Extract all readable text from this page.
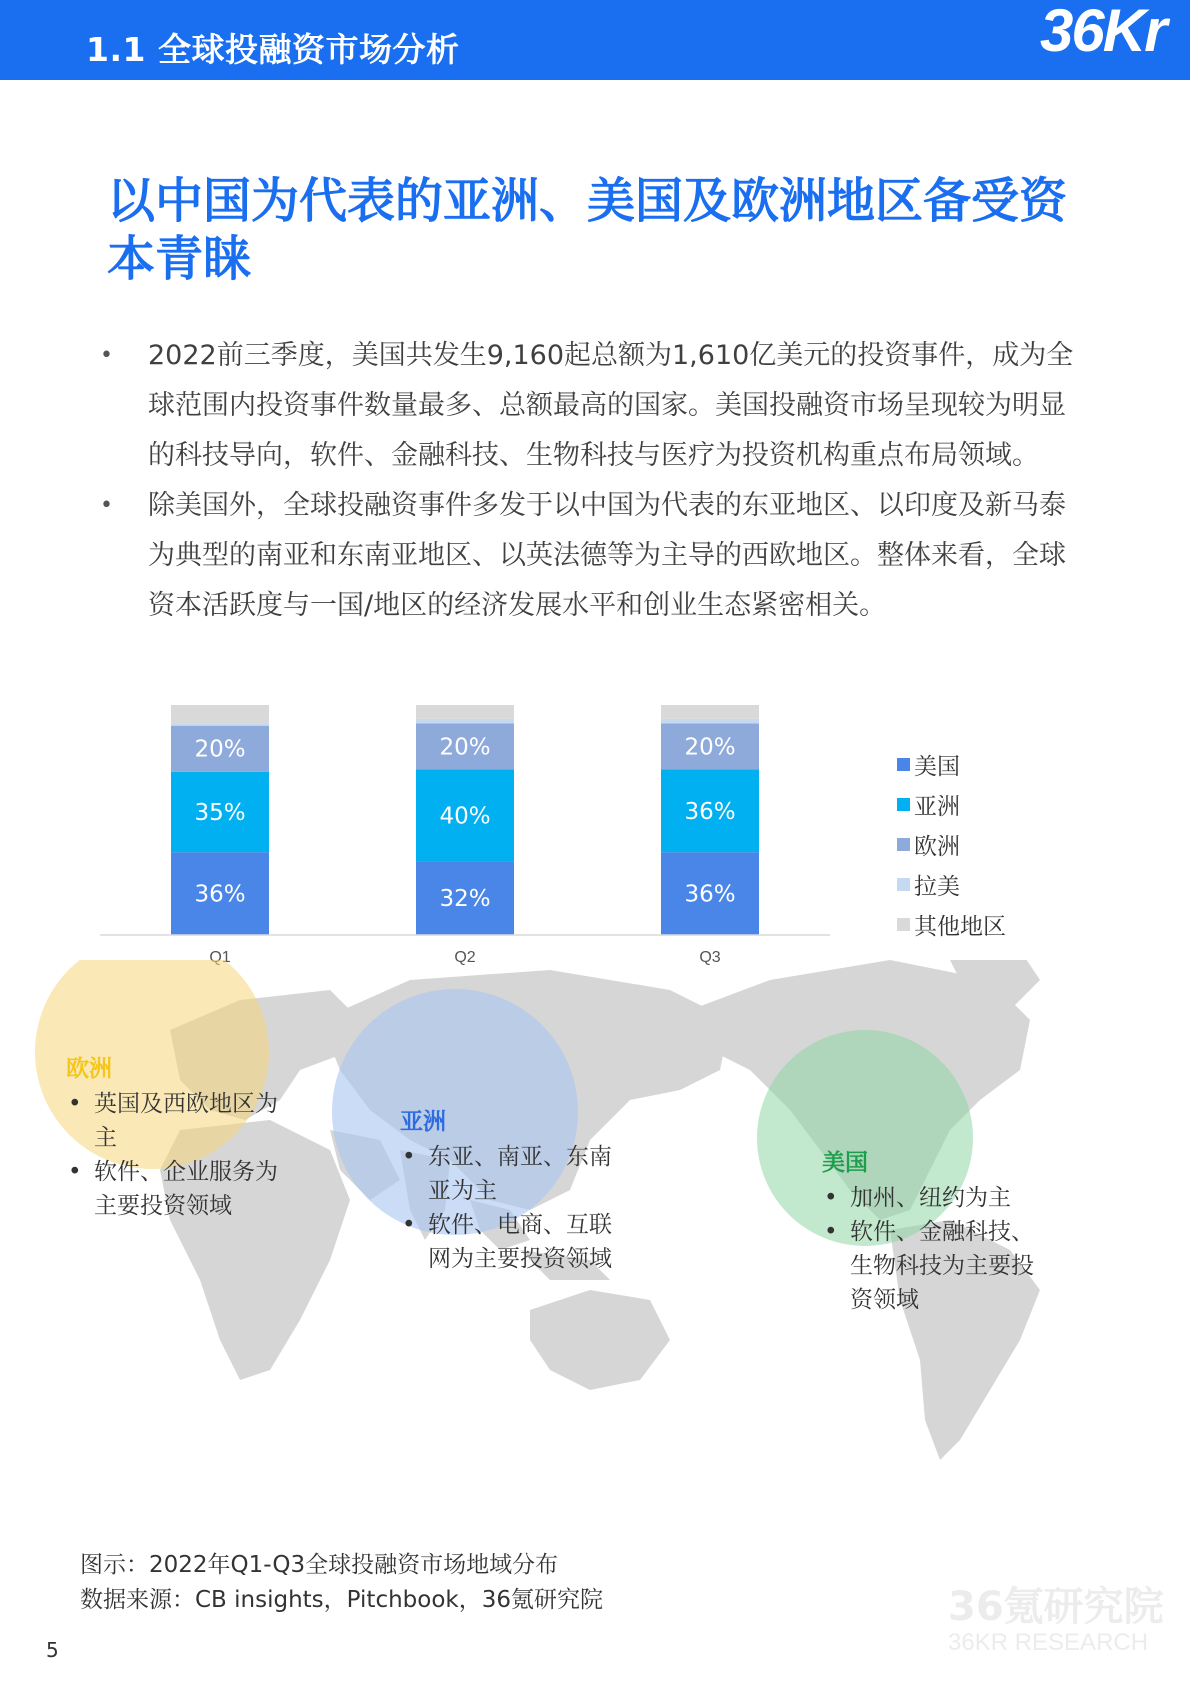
1.1 全球投融资市场分析	36Kr
以中国为代表的亚洲、美国及欧洲地区备受资本青睐
• 2022前三季度，美国共发生9,160起总额为1,610亿美元的投资事件，成为全球范围内投资事件数量最多、总额最高的国家。美国投融资市场呈现较为明显的科技导向，软件、金融科技、生物科技与医疗为投资机构重点布局领域。
• 除美国外，全球投融资事件多发于以中国为代表的东亚地区、以印度及新马泰为典型的南亚和东南亚地区、以英法德等为主导的西欧地区。整体来看，全球资本活跃度与一国/地区的经济发展水平和创业生态紧密相关。
36%
35%
20%
32%
40%
20%
36%
36%
20%
Q1	Q2	Q3
美国
亚洲
欧洲
拉美
其他地区
欧洲
• 英国及西欧地区为主
• 软件、企业服务为主要投资领域
亚洲
• 东亚、南亚、东南亚为主
• 软件、电商、互联网为主要投资领域
美国
• 加州、纽约为主
• 软件、金融科技、生物科技为主要投资领域
图示：2022年Q1-Q3全球投融资市场地域分布
数据来源：CB insights，Pitchbook，36氪研究院	36氪研究院
36KR RESEARCH
5
